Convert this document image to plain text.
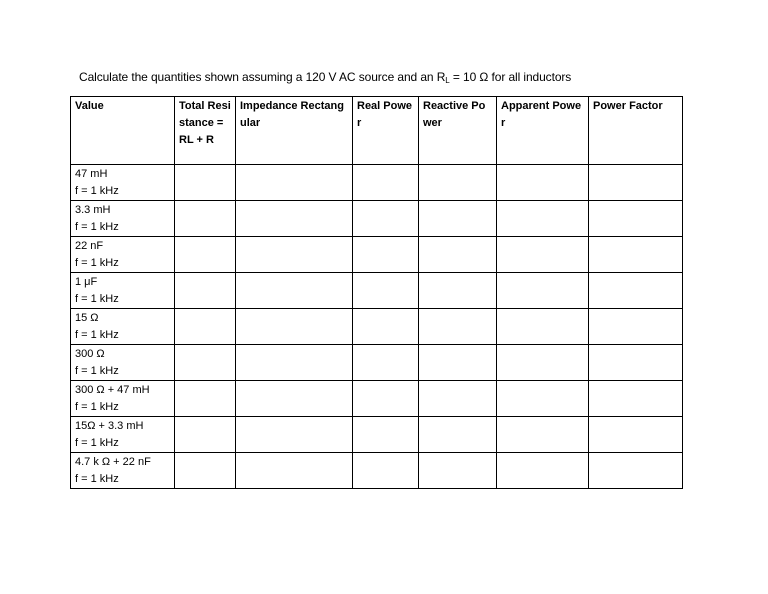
Calculate the quantities shown assuming a 120 V AC source and an $R_L = 10$ Ω for all inductors
Value	Total Resistance = RL + R	Impedance Rectangular	Real Power	Reactive Power	Apparent Power	Power Factor

47 mH
f = 1 kHz						

3.3 mH
f = 1 kHz						

22 nF
f = 1 kHz						

1 μF
f = 1 kHz						

15 Ω
f = 1 kHz						

300 Ω
f = 1 kHz						

300 Ω + 47 mH
f = 1 kHz						

15Ω + 3.3 mH
f = 1 kHz						

4.7 k Ω + 22 nF
f = 1 kHz						
